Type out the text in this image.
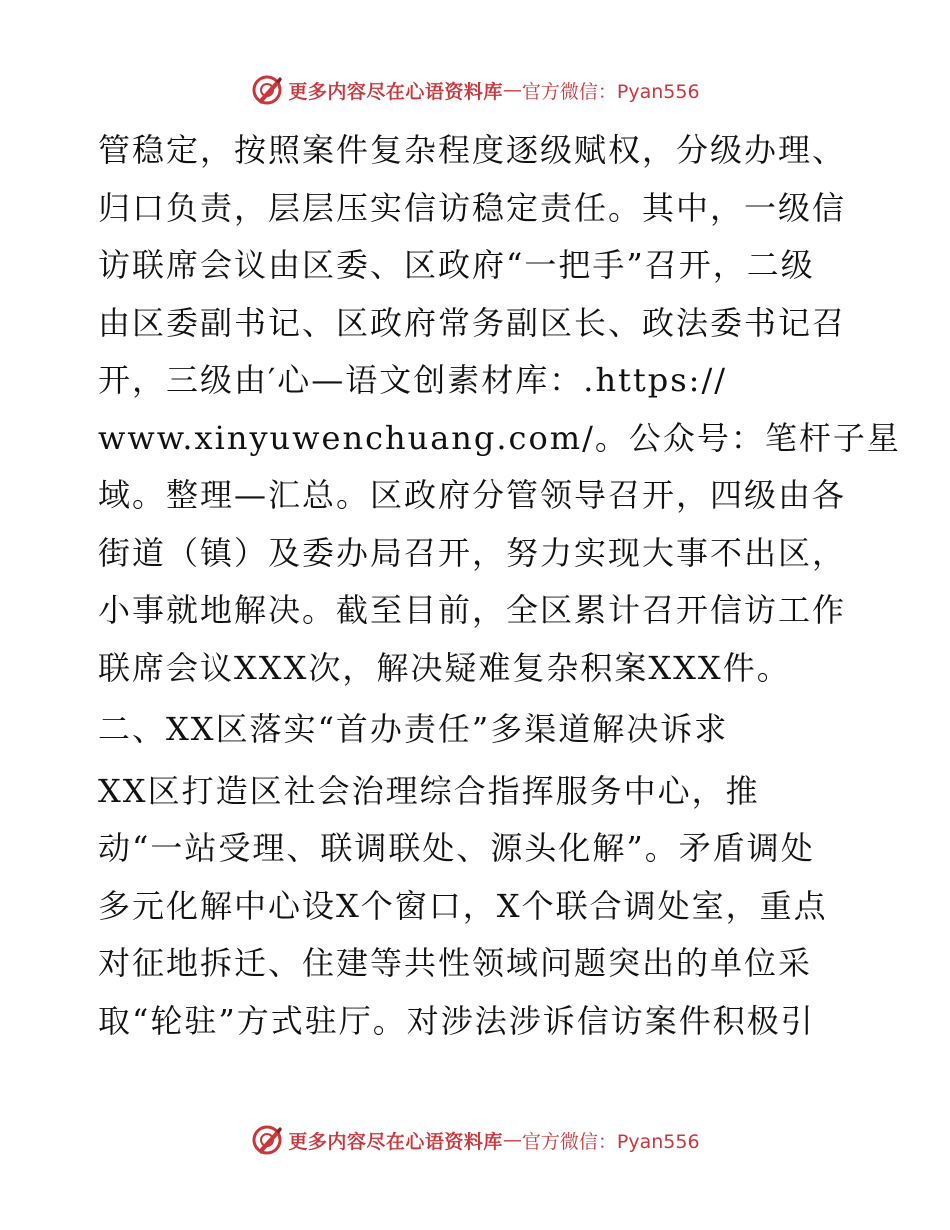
更多内容尽在心语资料库 — 官方微信：Pyan556
管稳定，按照案件复杂程度逐级赋权，分级办理、
归口负责，层层压实信访稳定责任。其中，一级信
访联席会议由区委、区政府“一把手”召开，二级
由区委副书记、区政府常务副区长、政法委书记召
开，三级由′心—语文创素材库：.https://
www.xinyuwenchuang.com/。公众号：笔杆子星
域。整理—汇总。区政府分管领导召开，四级由各
街道（镇）及委办局召开，努力实现大事不出区，
小事就地解决。截至目前，全区累计召开信访工作
联席会议XXX次，解决疑难复杂积案XXX件。
二、XX区落实“首办责任”多渠道解决诉求
XX区打造区社会治理综合指挥服务中心，推
动“一站受理、联调联处、源头化解”。矛盾调处
多元化解中心设X个窗口，X个联合调处室，重点
对征地拆迁、住建等共性领域问题突出的单位采
取“轮驻”方式驻厅。对涉法涉诉信访案件积极引
更多内容尽在心语资料库 — 官方微信：Pyan556
